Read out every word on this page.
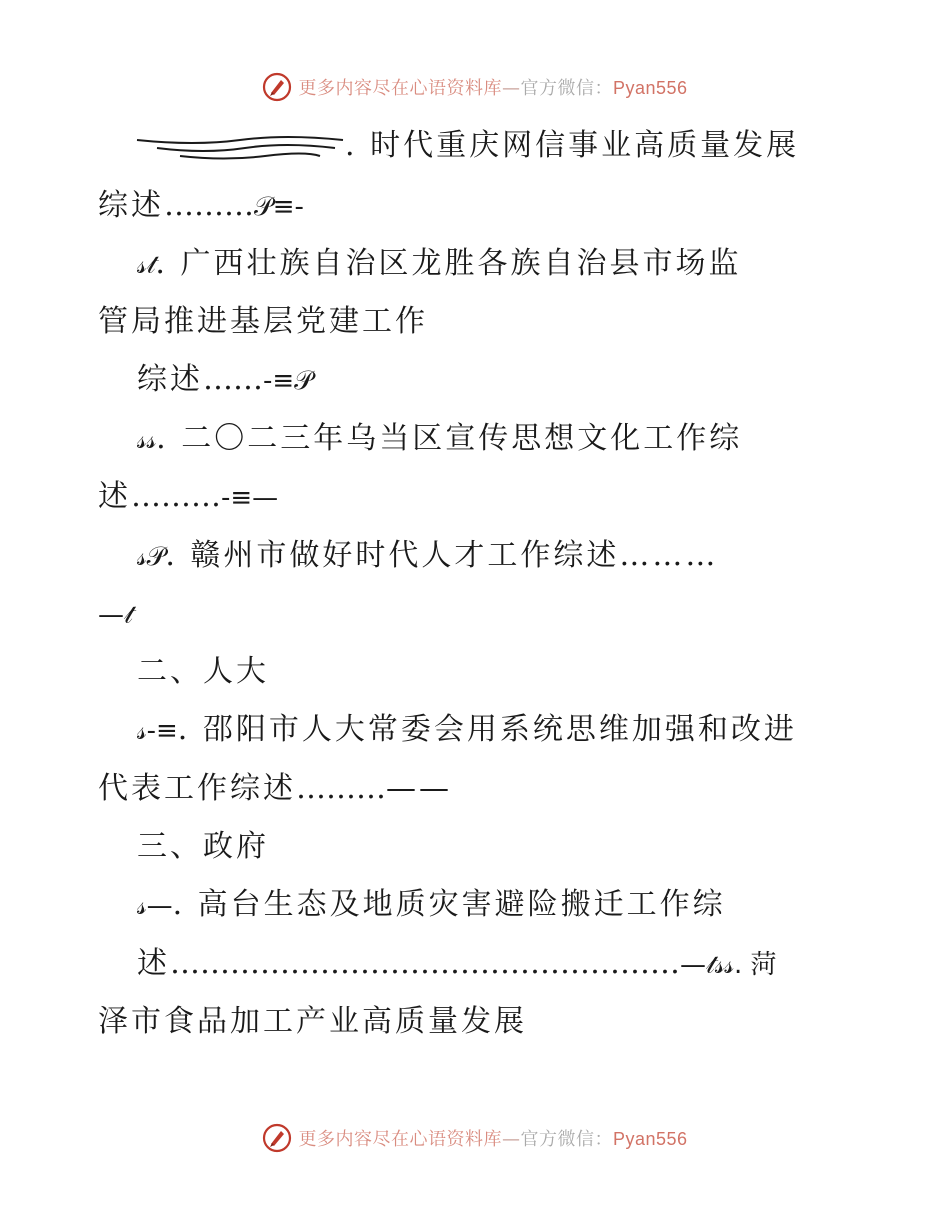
更多内容尽在心语资料库—官方微信：Pyan556
. 时代重庆网信事业高质量发展
综述………𝒫≡-
𝓈𝓉. 广西壮族自治区龙胜各族自治县市场监
管局推进基层党建工作
综述……-≡𝒫
𝓈𝓈. 二〇二三年乌当区宣传思想文化工作综
述………-≡—
𝓈𝒫. 赣州市做好时代人才工作综述………
—𝓉
二、人大
𝓈-≡. 邵阳市人大常委会用系统思维加强和改进
代表工作综述………——
三、政府
𝓈—. 高台生态及地质灾害避险搬迁工作综
述……………………………………………—𝓉𝓈𝓈. 菏
泽市食品加工产业高质量发展
更多内容尽在心语资料库—官方微信：Pyan556
